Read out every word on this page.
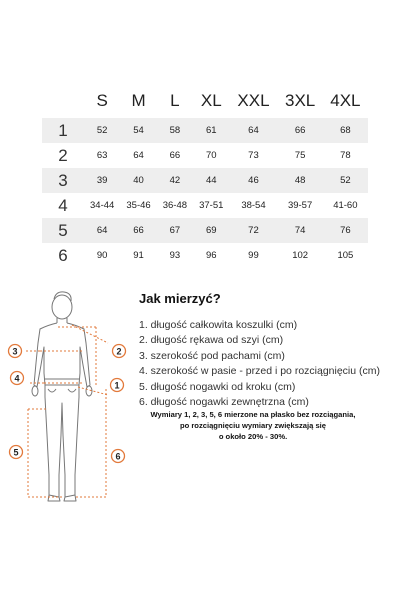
	S	M	L	XL	XXL	3XL	4XL
1	52	54	58	61	64	66	68
2	63	64	66	70	73	75	78
3	39	40	42	44	46	48	52
4	34-44	35-46	36-48	37-51	38-54	39-57	41-60
5	64	66	67	69	72	74	76
6	90	91	93	96	99	102	105
1
2
3
4
5	6
Jak mierzyć?
1. długość całkowita koszulki (cm)
2. długość rękawa od szyi (cm)
3. szerokość pod pachami (cm)
4. szerokość w pasie - przed i po rozciągnięciu (cm)
5. długość nogawki od kroku (cm)
6. długość nogawki zewnętrzna (cm)
Wymiary 1, 2, 3, 5, 6 mierzone na płasko bez rozciągania,
po rozciągnięciu wymiary zwiększają się
o około 20% - 30%.
